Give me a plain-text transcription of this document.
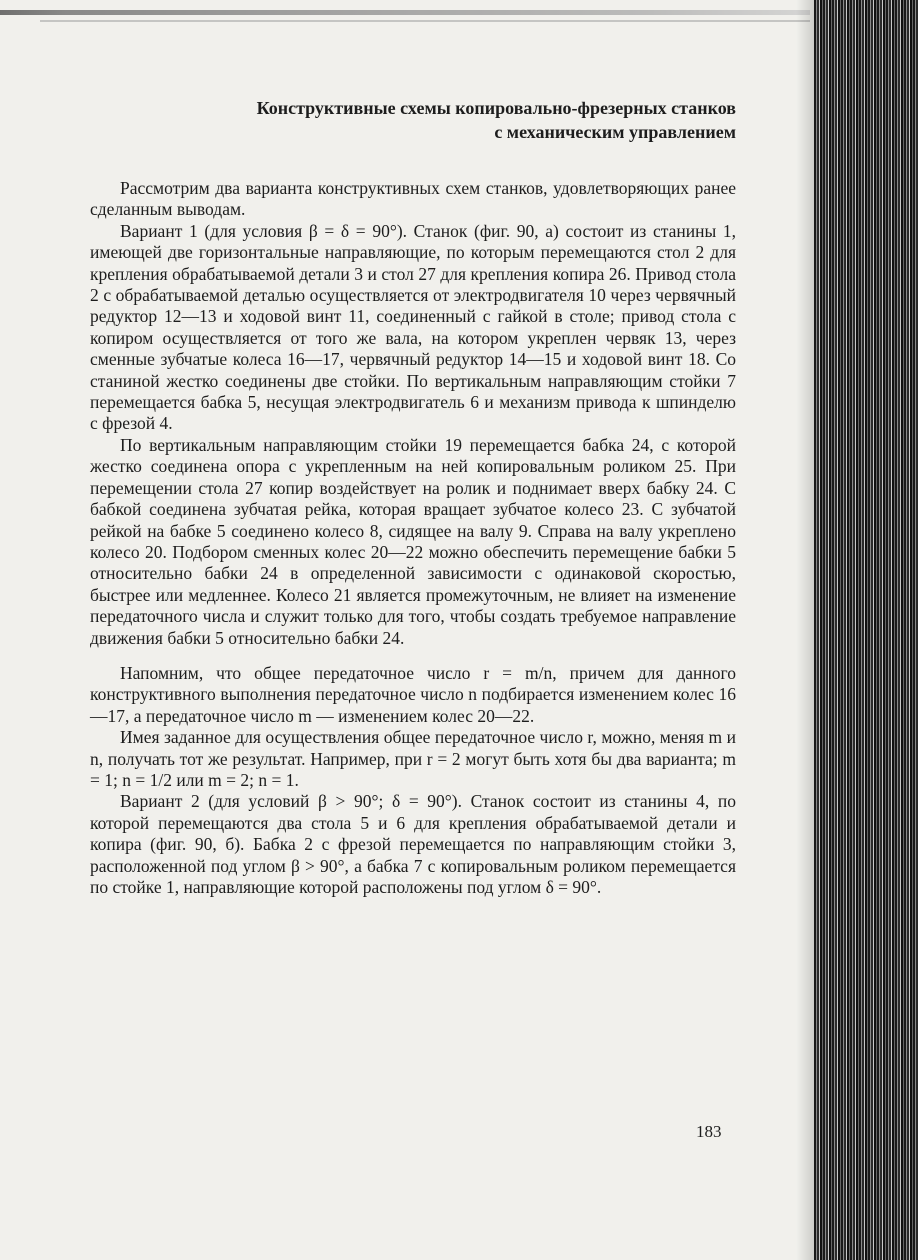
Конструктивные схемы копировально-фрезерных станков
с механическим управлением

Рассмотрим два варианта конструктивных схем станков, удовлетворяющих ранее сделанным выводам.

Вариант 1 (для условия β = δ = 90°). Станок (фиг. 90, а) состоит из станины 1, имеющей две горизонтальные направляющие, по которым перемещаются стол 2 для крепления обрабатываемой детали 3 и стол 27 для крепления копира 26. Привод стола 2 с обрабатываемой деталью осуществляется от электродвигателя 10 через червячный редуктор 12—13 и ходовой винт 11, соединенный с гайкой в столе; привод стола с копиром осуществляется от того же вала, на котором укреплен червяк 13, через сменные зубчатые колеса 16—17, червячный редуктор 14—15 и ходовой винт 18. Со станиной жестко соединены две стойки. По вертикальным направляющим стойки 7 перемещается бабка 5, несущая электродвигатель 6 и механизм привода к шпинделю с фрезой 4.

По вертикальным направляющим стойки 19 перемещается бабка 24, с которой жестко соединена опора с укрепленным на ней копировальным роликом 25. При перемещении стола 27 копир воздействует на ролик и поднимает вверх бабку 24. С бабкой соединена зубчатая рейка, которая вращает зубчатое колесо 23. С зубчатой рейкой на бабке 5 соединено колесо 8, сидящее на валу 9. Справа на валу укреплено колесо 20. Подбором сменных колес 20—22 можно обеспечить перемещение бабки 5 относительно бабки 24 в определенной зависимости с одинаковой скоростью, быстрее или медленнее. Колесо 21 является промежуточным, не влияет на изменение передаточного числа и служит только для того, чтобы создать требуемое направление движения бабки 5 относительно бабки 24.

Напомним, что общее передаточное число r = m/n, причем для данного конструктивного выполнения передаточное число n подбирается изменением колес 16—17, а передаточное число m — изменением колес 20—22.

Имея заданное для осуществления общее передаточное число r, можно, меняя m и n, получать тот же результат. Например, при r = 2 могут быть хотя бы два варианта; m = 1; n = 1/2 или m = 2; n = 1.

Вариант 2 (для условий β > 90°; δ = 90°). Станок состоит из станины 4, по которой перемещаются два стола 5 и 6 для крепления обрабатываемой детали и копира (фиг. 90, б). Бабка 2 с фрезой перемещается по направляющим стойки 3, расположенной под углом β > 90°, а бабка 7 с копировальным роликом перемещается по стойке 1, направляющие которой расположены под углом δ = 90°.

183
